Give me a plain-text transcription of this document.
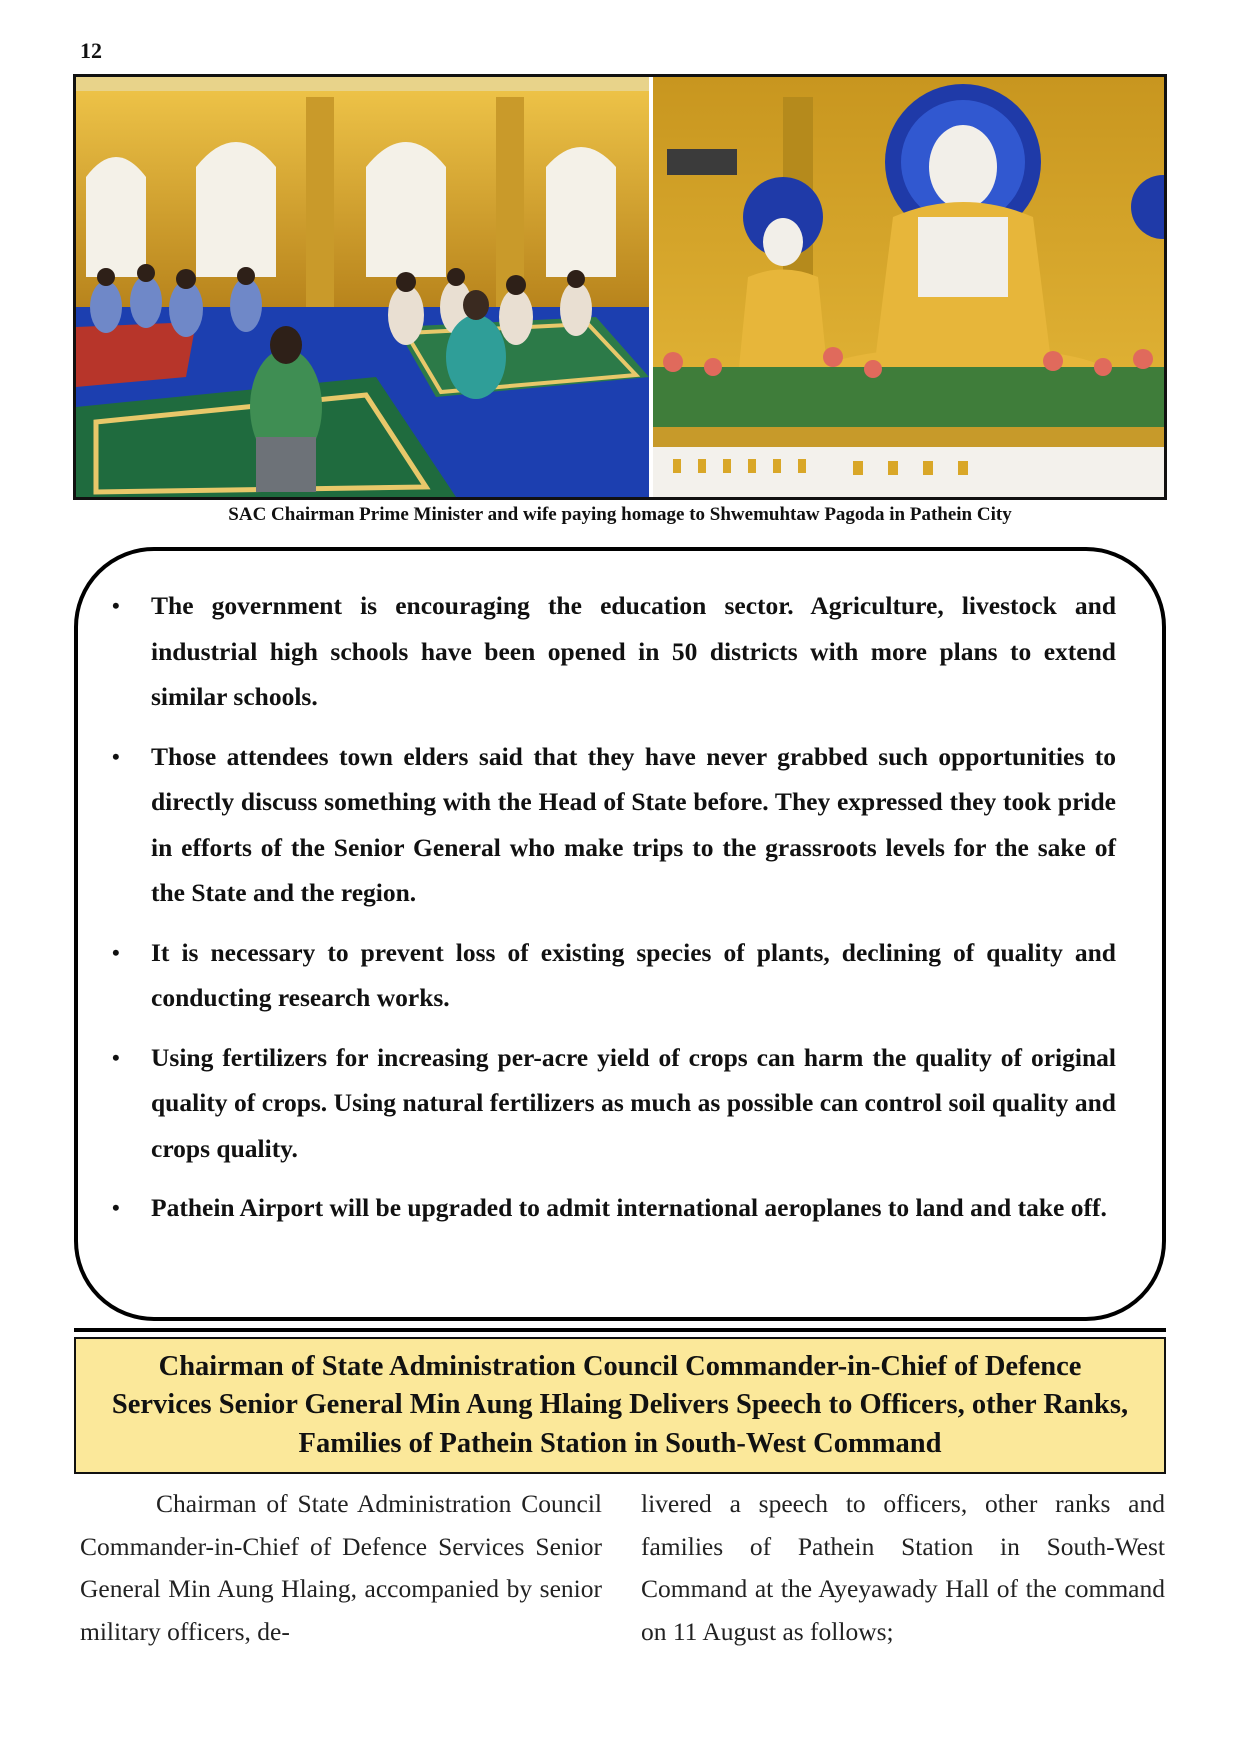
12
SAC Chairman Prime Minister and wife paying homage to Shwemuhtaw Pagoda in Pathein City
• The government is encouraging the education sector. Agriculture, livestock and industrial high schools have been opened in 50 districts with more plans to extend similar schools.
• Those attendees town elders said that they have never grabbed such opportunities to directly discuss something with the Head of State before. They expressed they took pride in efforts of the Senior General who make trips to the grassroots levels for the sake of the State and the region.
• It is necessary to prevent loss of existing species of plants, declining of quality and conducting research works.
• Using fertilizers for increasing per-acre yield of crops can harm the quality of original quality of crops. Using natural fertilizers as much as possible can control soil quality and crops quality.
• Pathein Airport will be upgraded to admit international aeroplanes to land and take off.
Chairman of State Administration Council Commander-in-Chief of Defence Services Senior General Min Aung Hlaing Delivers Speech to Officers, other Ranks, Families of Pathein Station in South-West Command

Chairman of State Administration Council Commander-in-Chief of Defence Services Senior General Min Aung Hlaing, accompanied by senior military officers, de-

livered a speech to officers, other ranks and families of Pathein Station in South-West Command at the Ayeyawady Hall of the command on 11 August as follows;
